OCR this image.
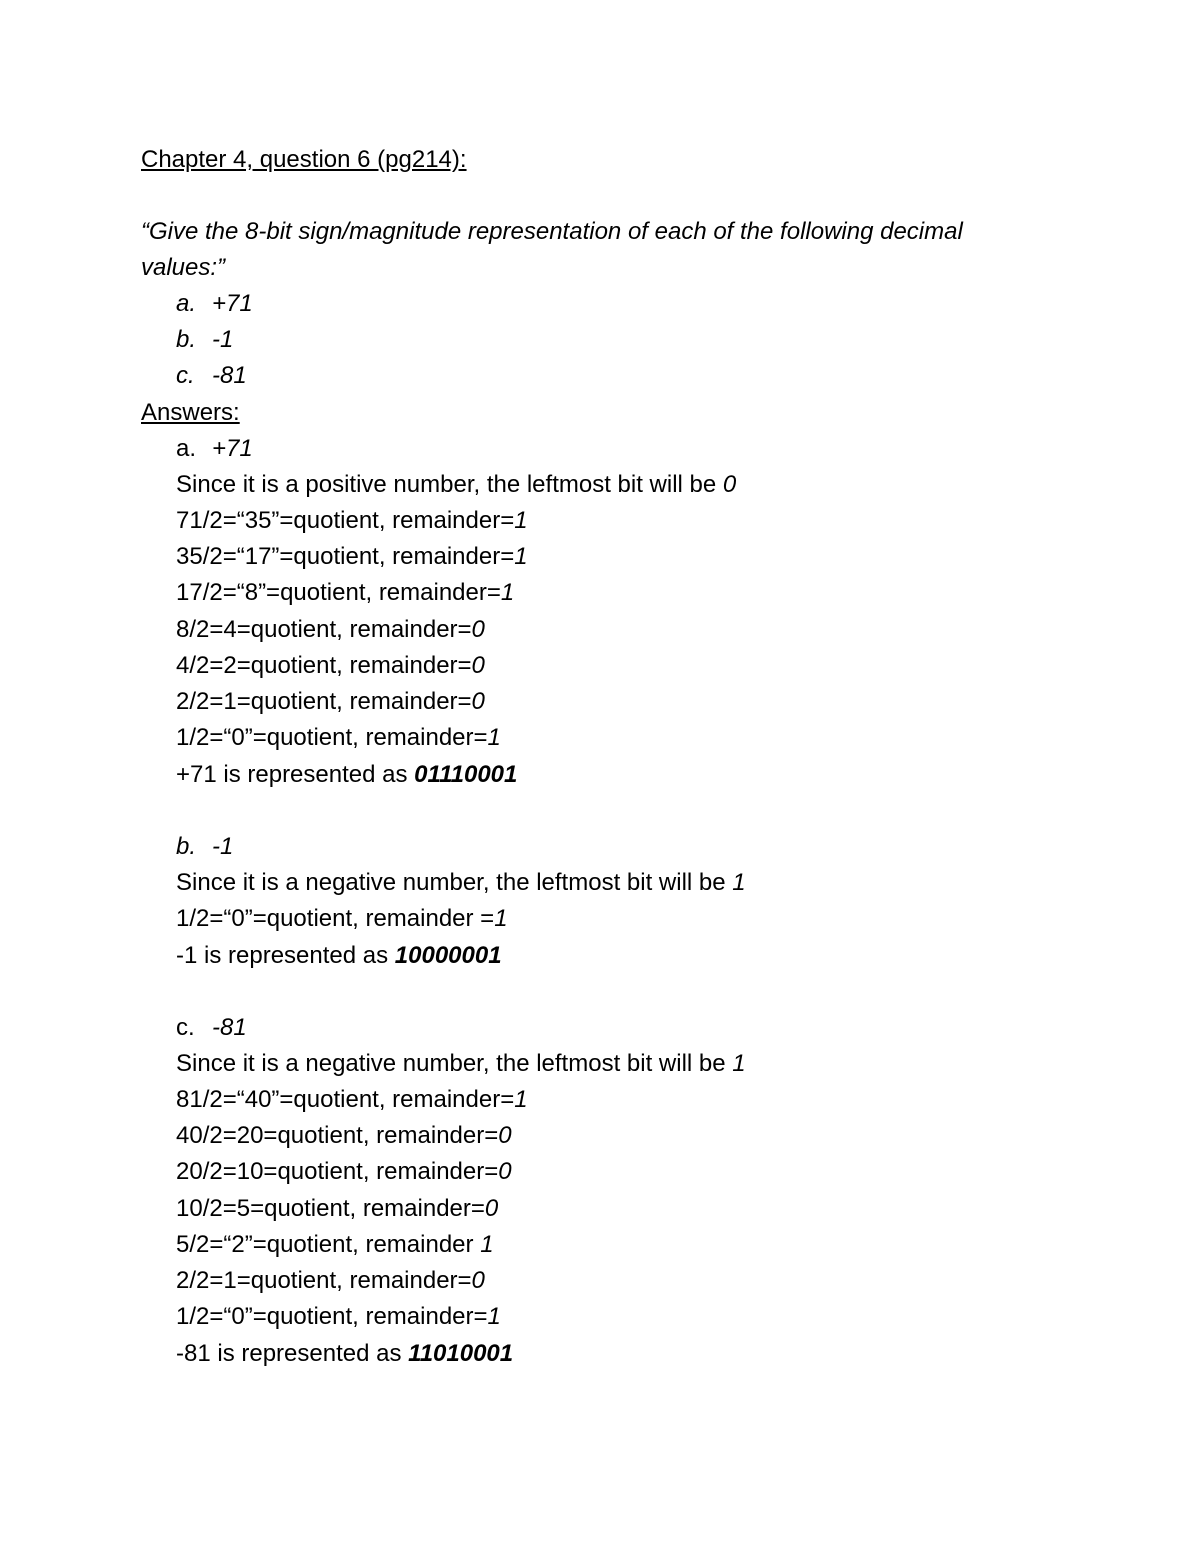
Chapter 4, question 6 (pg214):
“Give the 8-bit sign/magnitude representation of each of the following decimal
values:”
a. +71
b. -1
c. -81
Answers:
a. +71
Since it is a positive number, the leftmost bit will be 0
71/2=“35”=quotient, remainder=1
35/2=“17”=quotient, remainder=1
17/2=“8”=quotient, remainder=1
8/2=4=quotient, remainder=0
4/2=2=quotient, remainder=0
2/2=1=quotient, remainder=0
1/2=“0”=quotient, remainder=1
+71 is represented as 01110001
b. -1
Since it is a negative number, the leftmost bit will be 1
1/2=“0”=quotient, remainder =1
-1 is represented as 10000001
c. -81
Since it is a negative number, the leftmost bit will be 1
81/2=“40”=quotient, remainder=1
40/2=20=quotient, remainder=0
20/2=10=quotient, remainder=0
10/2=5=quotient, remainder=0
5/2=“2”=quotient, remainder 1
2/2=1=quotient, remainder=0
1/2=“0”=quotient, remainder=1
-81 is represented as 11010001
